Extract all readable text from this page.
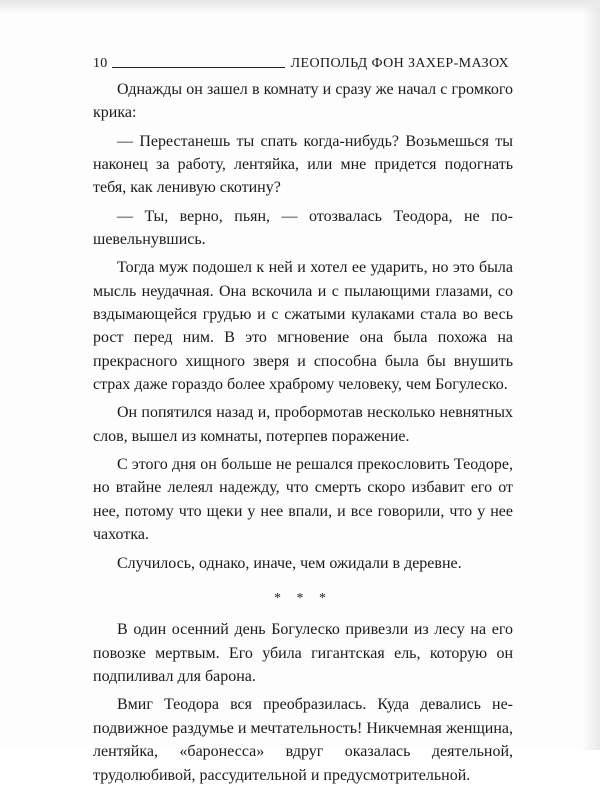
10	ЛЕОПОЛЬД ФОН ЗАХЕР-МАЗОХ

Однажды он зашел в комнату и сразу же начал с громкого крика:

— Перестанешь ты спать когда-нибудь? Возьмешься ты наконец за работу, лентяйка, или мне придется подогнать тебя, как ленивую скотину?

— Ты, верно, пьян, — отозвалась Теодора, не пошевельнувшись.

Тогда муж подошел к ней и хотел ее ударить, но это была мысль неудачная. Она вскочила и с пылающими глазами, со вздымающейся грудью и с сжатыми кулаками стала во весь рост перед ним. В это мгновение она была похожа на прекрасного хищного зверя и способна была бы внушить страх даже гораздо более храброму человеку, чем Богулеско.

Он попятился назад и, пробормотав несколько невнятных слов, вышел из комнаты, потерпев поражение.

С этого дня он больше не решался прекословить Теодоре, но втайне лелеял надежду, что смерть скоро избавит его от нее, потому что щеки у нее впали, и все говорили, что у нее чахотка.

Случилось, однако, иначе, чем ожидали в деревне.

* * *

В один осенний день Богулеско привезли из лесу на его повозке мертвым. Его убила гигантская ель, которую он подпиливал для барона.

Вмиг Теодора вся преобразилась. Куда девались неподвижное раздумье и мечтательность! Никчемная женщина, лентяйка, «баронесса» вдруг оказалась деятельной, трудолюбивой, рассудительной и предусмотрительной.
